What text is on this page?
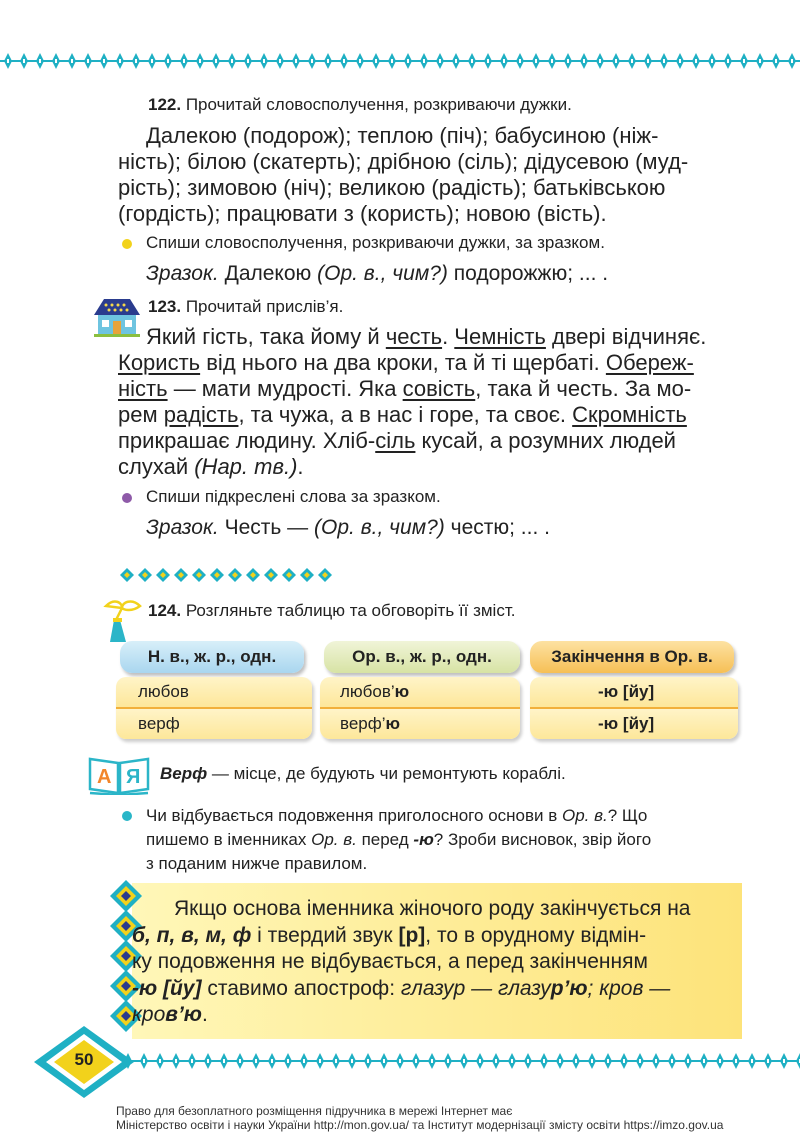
122. Прочитай словосполучення, розкриваючи дужки.
Далекою (подорож); теплою (піч); бабусиною (ніж-
ність); білою (скатерть); дрібною (сіль); дідусевою (муд-
рість); зимовою (ніч); великою (радість); батьківською
(гордість); працювати з (користь); новою (вість).
Спиши словосполучення, розкриваючи дужки, за зразком.
Зразок. Далекою (Ор. в., чим?) подорожжю; ... .
123. Прочитай прислів’я.
Який гість, така йому й честь. Чемність двері відчиняє.
Користь від нього на два кроки, та й ті щербаті. Обереж-
ність — мати мудрості. Яка совість, така й честь. За мо-
рем радість, та чужа, а в нас і горе, та своє. Скромність
прикрашає людину. Хліб-сіль кусай, а розумних людей
слухай (Нар. тв.).
Спиши підкреслені слова за зразком.
Зразок. Честь — (Ор. в., чим?) честю; ... .
124. Розгляньте таблицю та обговоріть її зміст.
Н. в., ж. р., одн.	Ор. в., ж. р., одн.	Закінчення в Ор. в.
любов
верф
любов’ю
верф’ю
-ю [йу]
-ю [йу]
А Я Верф — місце, де будують чи ремонтують кораблі.
Чи відбувається подовження приголосного основи в Ор. в.? Що
пишемо в іменниках Ор. в. перед -ю? Зроби висновок, звір його
з поданим нижче правилом.
Якщо основа іменника жіночого роду закінчується на
б, п, в, м, ф і твердий звук [р], то в орудному відмін-
ку подовження не відбувається, а перед закінченням
-ю [йу] ставимо апостроф: глазур — глазур’ю; кров —
кров’ю.
50
Право для безоплатного розміщення підручника в мережі Інтернет має
Міністерство освіти і науки України http://mon.gov.ua/ та Інститут модернізації змісту освіти https://imzo.gov.ua
